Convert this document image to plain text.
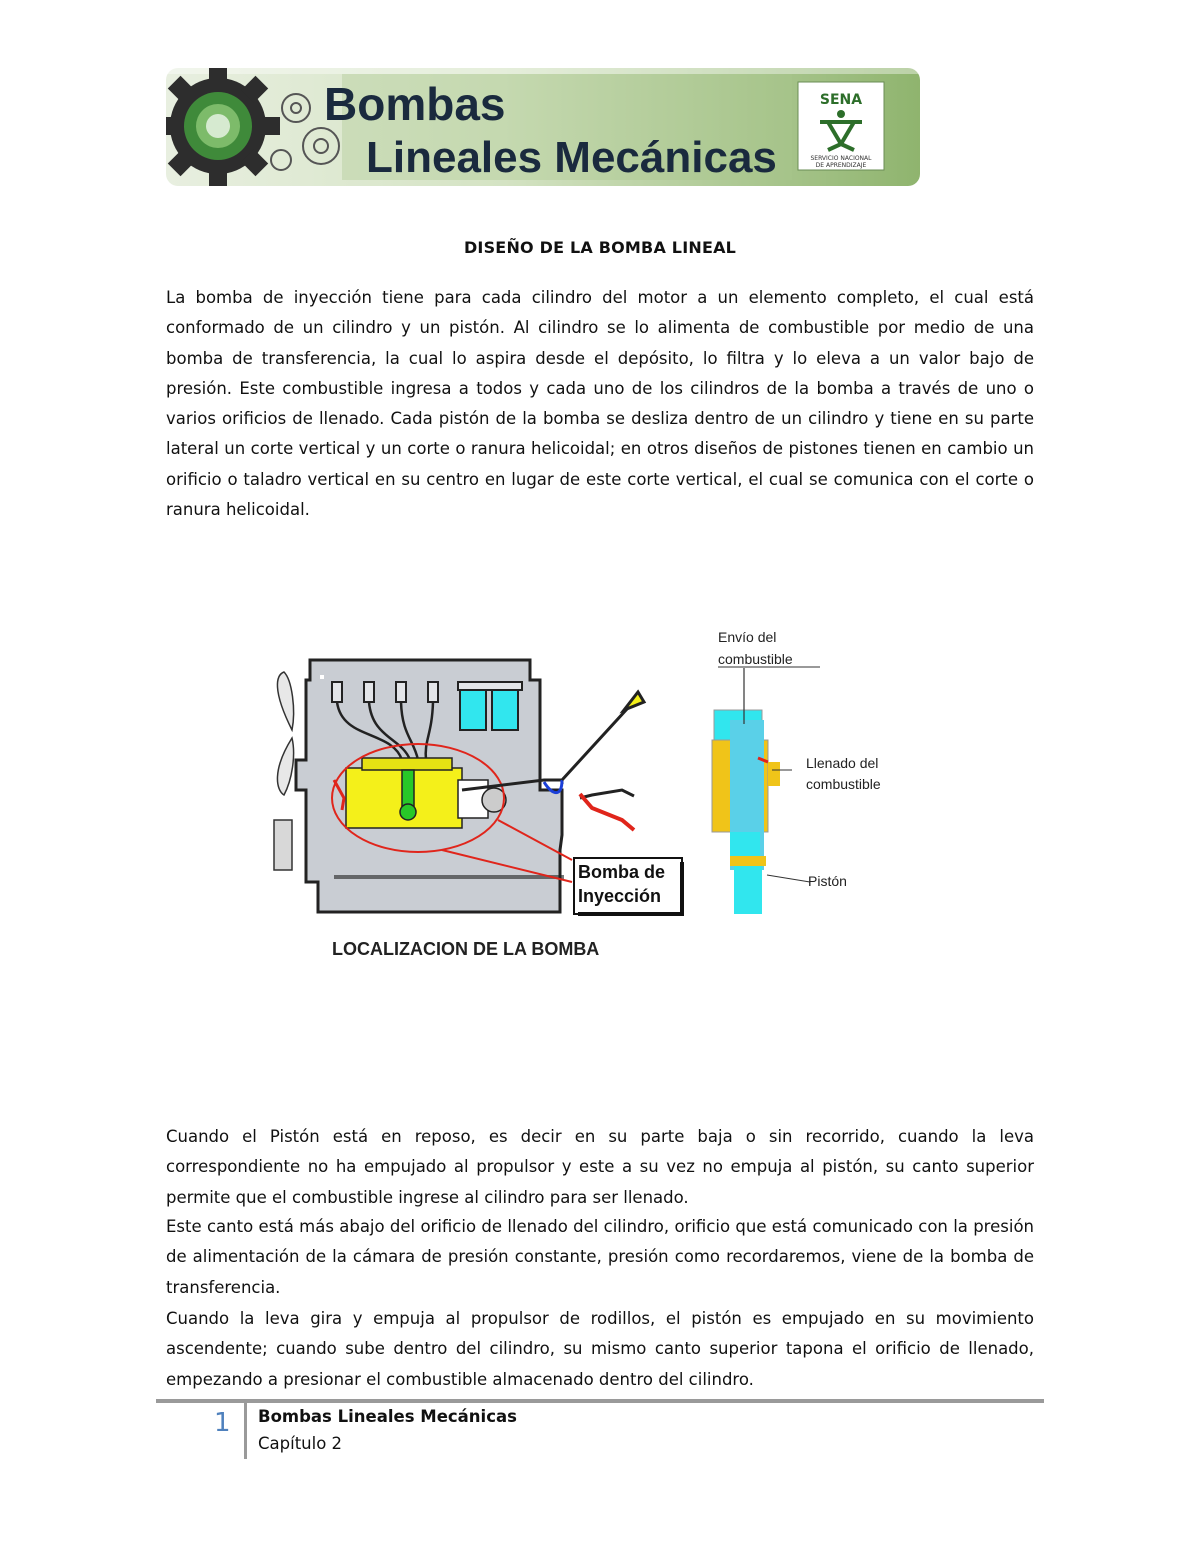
Bombas
Lineales Mecánicas
SENA
SERVICIO NACIONAL
DE APRENDIZAJE
DISEÑO DE LA BOMBA LINEAL

La bomba de inyección tiene para cada cilindro del motor a un elemento completo, el cual está conformado de un cilindro y un pistón. Al cilindro se lo alimenta de combustible por medio de una bomba de transferencia, la cual lo aspira desde el depósito, lo filtra y lo eleva a un valor bajo de presión. Este combustible ingresa a todos y cada uno de los cilindros de la bomba a través de uno o varios orificios de llenado. Cada pistón de la bomba se desliza dentro de un cilindro y tiene en su parte lateral un corte vertical y un corte o ranura helicoidal; en otros diseños de pistones tienen en cambio un orificio o taladro vertical en su centro en lugar de este corte vertical, el cual se comunica con el corte o ranura helicoidal.

Bomba de
Inyección
LOCALIZACION DE LA BOMBA
Envío del
combustible
Llenado del
combustible
Pistón

Cuando el Pistón está en reposo, es decir en su parte baja o sin recorrido, cuando la leva correspondiente no ha empujado al propulsor y este a su vez no empuja al pistón, su canto superior permite que el combustible ingrese al cilindro para ser llenado.

Este canto está más abajo del orificio de llenado del cilindro, orificio que está comunicado con la presión de alimentación de la cámara de presión constante, presión como recordaremos, viene de la bomba de transferencia.

Cuando la leva gira y empuja al propulsor de rodillos, el pistón es empujado en su movimiento ascendente; cuando sube dentro del cilindro, su mismo canto superior tapona el orificio de llenado, empezando a presionar el combustible almacenado dentro del cilindro.

1 Bombas Lineales Mecánicas
Capítulo 2
